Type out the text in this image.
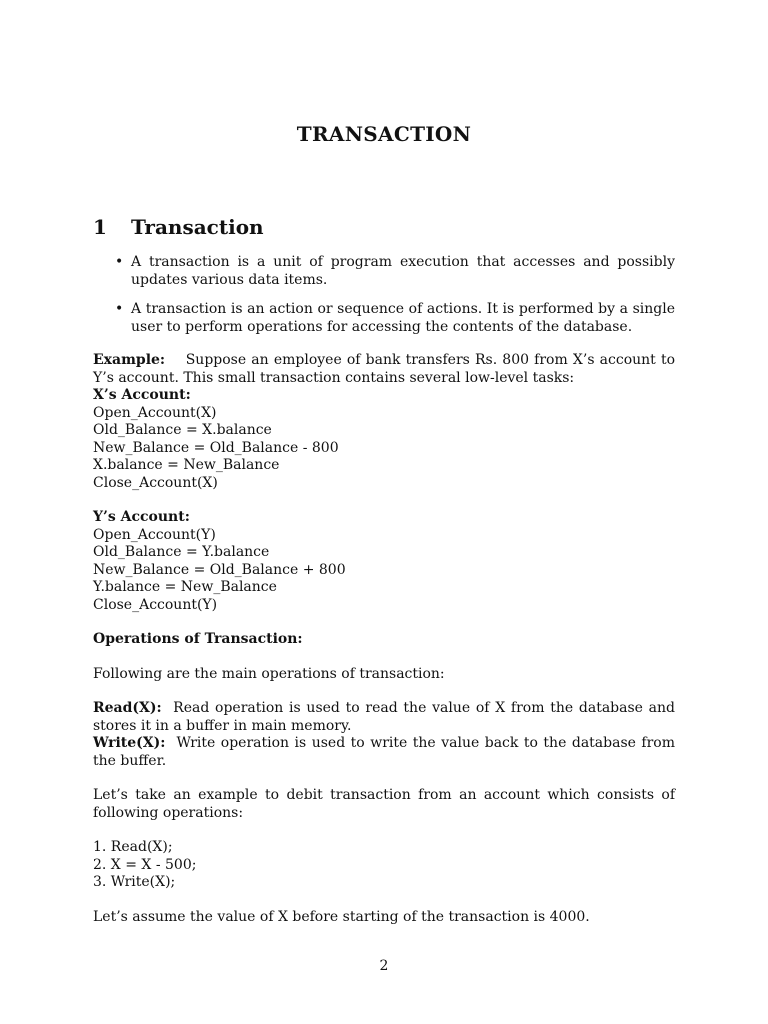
TRANSACTION
1 Transaction
• A transaction is a unit of program execution that accesses and possibly updates various data items.
• A transaction is an action or sequence of actions. It is performed by a single user to perform operations for accessing the contents of the database.

Example: Suppose an employee of bank transfers Rs. 800 from X’s account to Y’s account. This small transaction contains several low-level tasks:

X’s Account:
Open_Account(X)
Old_Balance = X.balance
New_Balance = Old_Balance - 800
X.balance = New_Balance
Close_Account(X)
Y’s Account:
Open_Account(Y)
Old_Balance = Y.balance
New_Balance = Old_Balance + 800
Y.balance = New_Balance
Close_Account(Y)

Operations of Transaction:

Following are the main operations of transaction:

Read(X): Read operation is used to read the value of X from the database and stores it in a buffer in main memory.

Write(X): Write operation is used to write the value back to the database from the buffer.

Let’s take an example to debit transaction from an account which consists of following operations:

1. Read(X);
2. X = X - 500;
3. Write(X);

Let’s assume the value of X before starting of the transaction is 4000.

2
